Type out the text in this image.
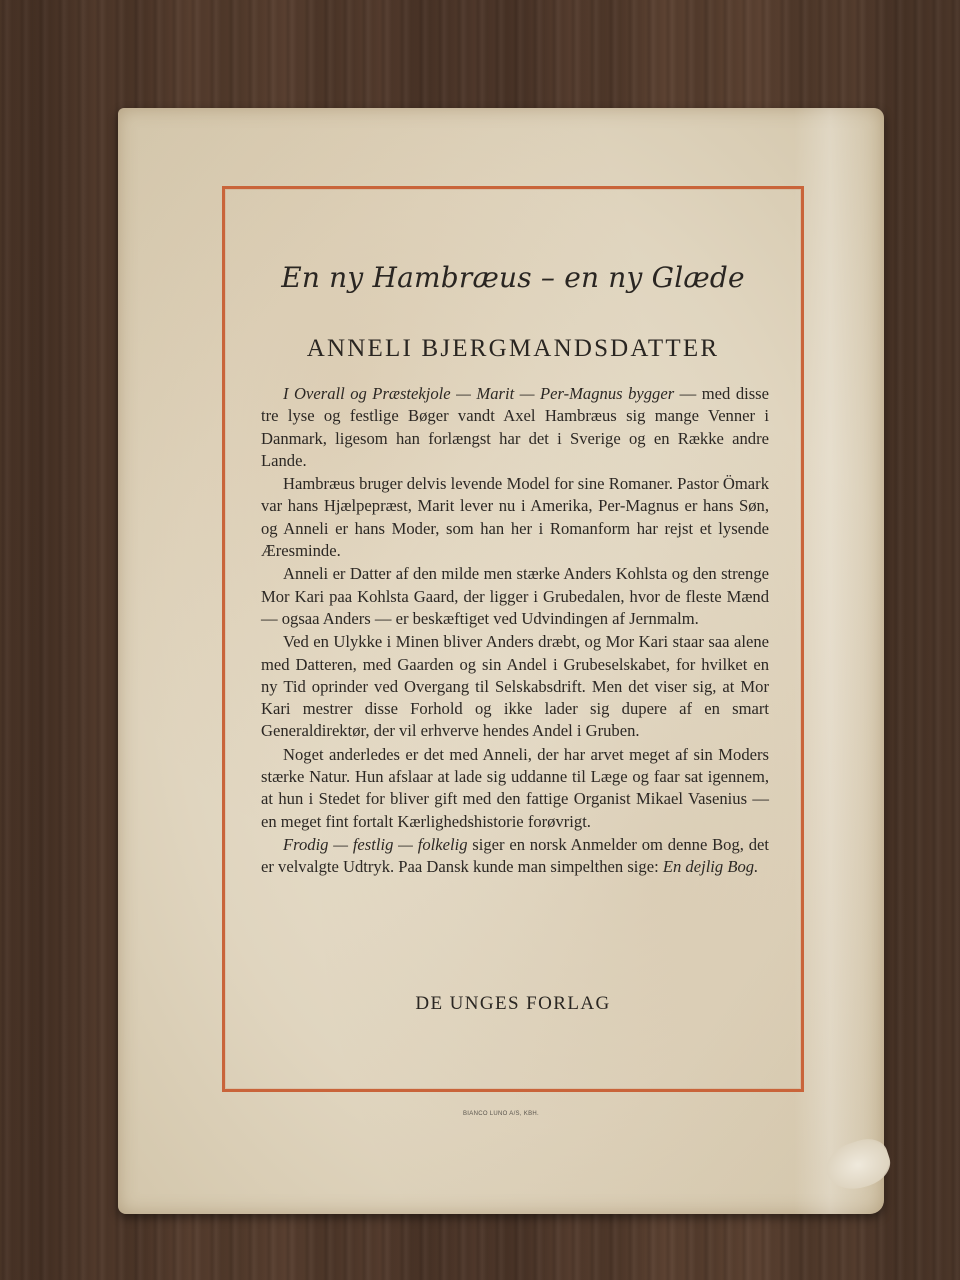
En ny Hambræus – en ny Glæde
ANNELI BJERGMANDSDATTER

I Overall og Præstekjole — Marit — Per-Magnus bygger — med disse tre lyse og festlige Bøger vandt Axel Hambræus sig mange Venner i Danmark, ligesom han forlængst har det i Sverige og en Række andre Lande.

Hambræus bruger delvis levende Model for sine Romaner. Pastor Ömark var hans Hjælpepræst, Marit lever nu i Amerika, Per-Magnus er hans Søn, og Anneli er hans Moder, som han her i Romanform har rejst et lysende Æresminde.

Anneli er Datter af den milde men stærke Anders Kohlsta og den strenge Mor Kari paa Kohlsta Gaard, der ligger i Grubedalen, hvor de fleste Mænd — ogsaa Anders — er beskæftiget ved Udvindingen af Jernmalm.

Ved en Ulykke i Minen bliver Anders dræbt, og Mor Kari staar saa alene med Datteren, med Gaarden og sin Andel i Grubeselskabet, for hvilket en ny Tid oprinder ved Overgang til Selskabsdrift. Men det viser sig, at Mor Kari mestrer disse Forhold og ikke lader sig dupere af en smart Generaldirektør, der vil erhverve hendes Andel i Gruben.

Noget anderledes er det med Anneli, der har arvet meget af sin Moders stærke Natur. Hun afslaar at lade sig uddanne til Læge og faar sat igennem, at hun i Stedet for bliver gift med den fattige Organist Mikael Vasenius — en meget fint fortalt Kærlighedshistorie forøvrigt.

Frodig — festlig — folkelig siger en norsk Anmelder om denne Bog, det er velvalgte Udtryk. Paa Dansk kunde man simpelthen sige: En dejlig Bog.

DE UNGES FORLAG
BIANCO LUNO A/S, KBH.
